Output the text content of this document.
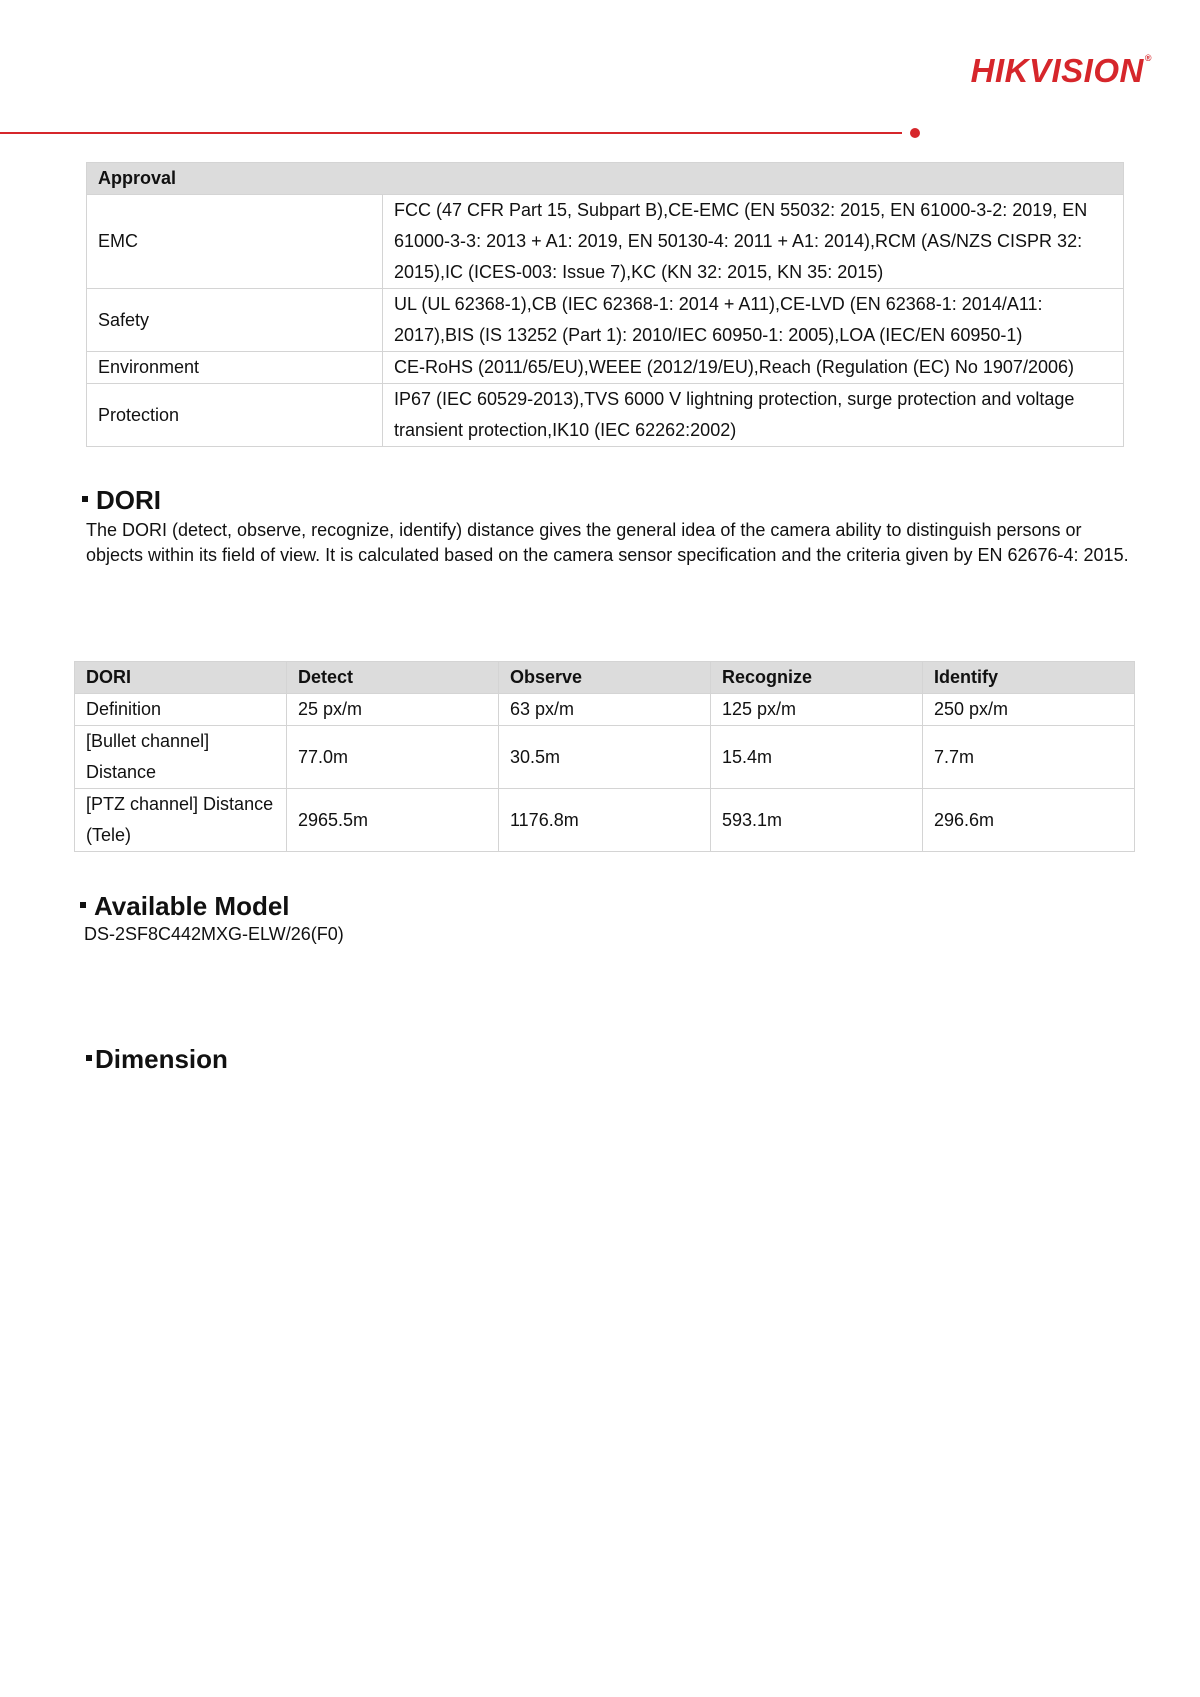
HIKVISION®
Approval	
EMC	FCC (47 CFR Part 15, Subpart B),CE-EMC (EN 55032: 2015, EN 61000-3-2: 2019, EN
61000-3-3: 2013 + A1: 2019, EN 50130-4: 2011 + A1: 2014),RCM (AS/NZS CISPR 32:
2015),IC (ICES-003: Issue 7),KC (KN 32: 2015, KN 35: 2015)

Safety	UL (UL 62368-1),CB (IEC 62368-1: 2014 + A11),CE-LVD (EN 62368-1: 2014/A11:
2017),BIS (IS 13252 (Part 1): 2010/IEC 60950-1: 2005),LOA (IEC/EN 60950-1)

Environment	CE-RoHS (2011/65/EU),WEEE (2012/19/EU),Reach (Regulation (EC) No 1907/2006)

Protection	IP67 (IEC 60529-2013),TVS 6000 V lightning protection, surge protection and voltage
transient protection,IK10 (IEC 62262:2002)
DORI

The DORI (detect, observe, recognize, identify) distance gives the general idea of the camera ability to distinguish persons or objects within its field of view. It is calculated based on the camera sensor specification and the criteria given by EN 62676-4: 2015.

DORI	Detect	Observe	Recognize	Identify

Definition	25 px/m	63 px/m	125 px/m	250 px/m

[Bullet channel]
Distance	77.0m	30.5m	15.4m	7.7m

[PTZ channel] Distance
(Tele)	2965.5m	1176.8m	593.1m	296.6m
Available Model

DS-2SF8C442MXG-ELW/26(F0)

Dimension
